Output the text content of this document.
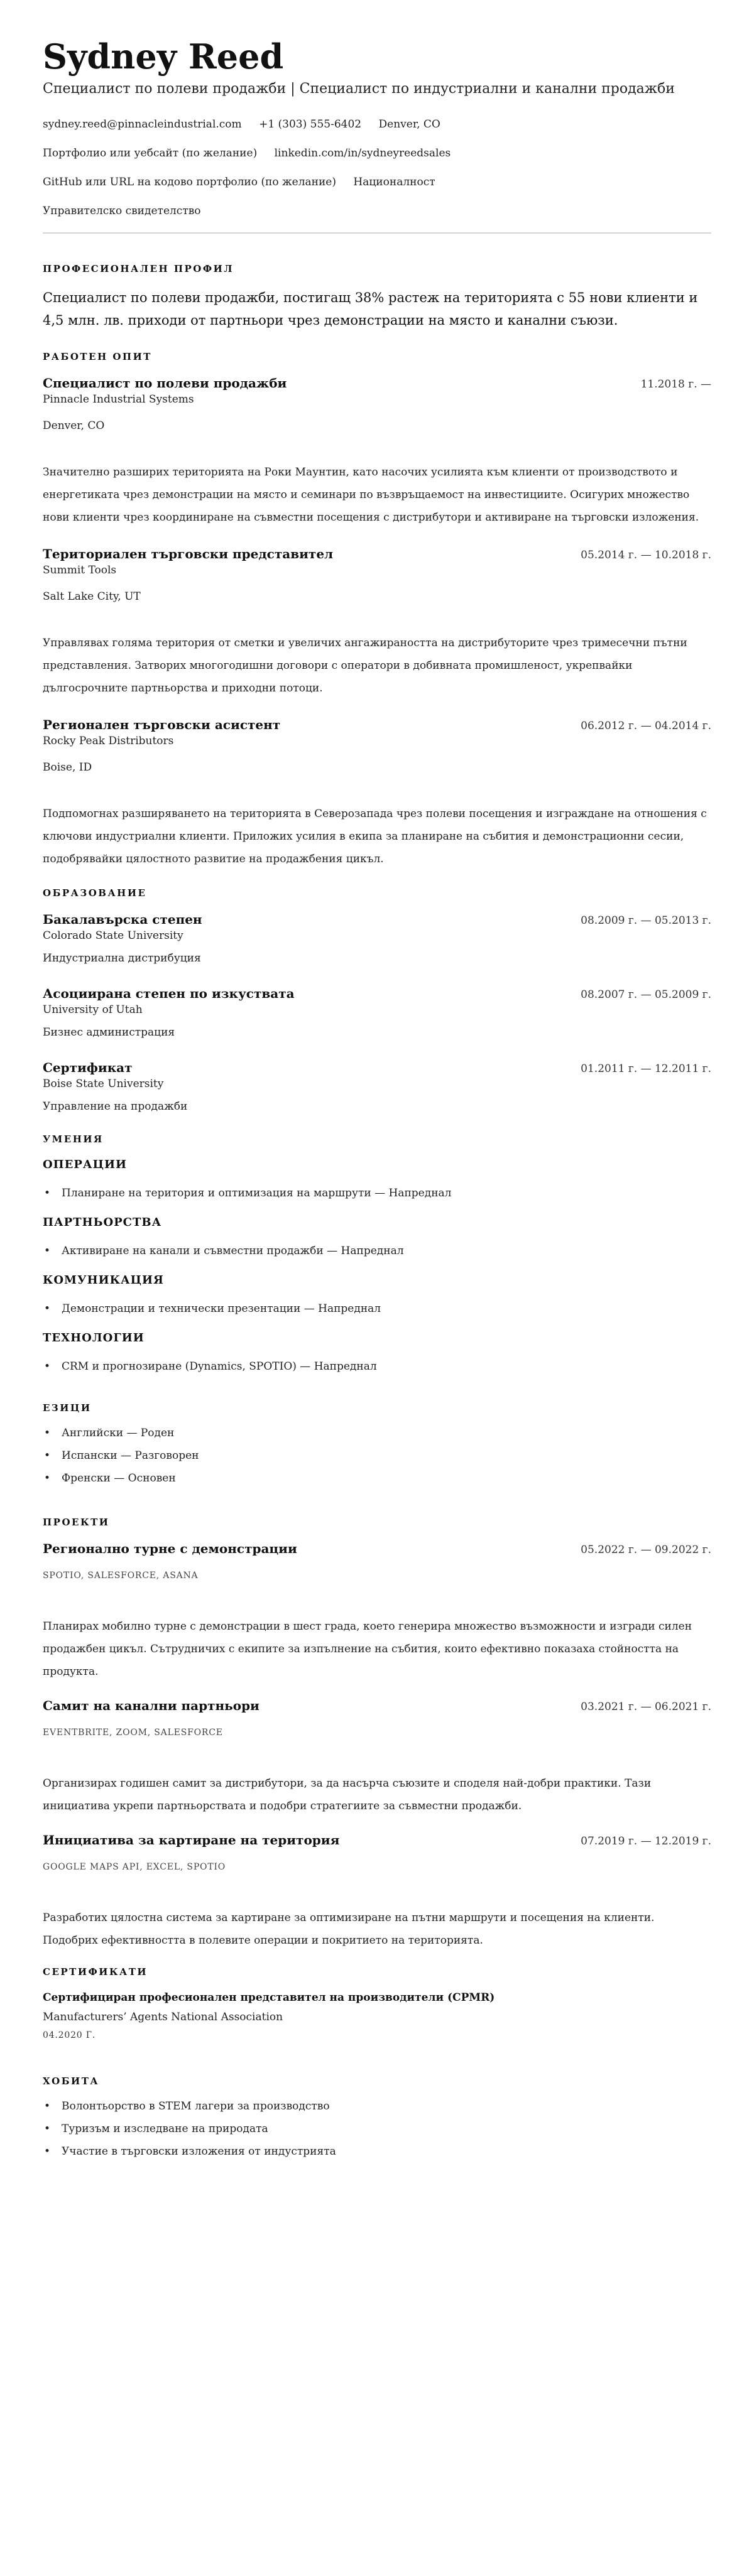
Sydney Reed
Специалист по полеви продажби | Специалист по индустриални и канални продажби
sydney.reed@pinnacleindustrial.com +1 (303) 555-6402 Denver, CO
Портфолио или уебсайт (по желание) linkedin.com/in/sydneyreedsales
GitHub или URL на кодово портфолио (по желание) Националност
Управителско свидетелство
ПРОФЕСИОНАЛЕН ПРОФИЛ

Специалист по полеви продажби, постигащ 38% растеж на територията с 55 нови клиенти и 4,5 млн. лв. приходи от партньори чрез демонстрации на място и канални съюзи.

РАБОТЕН ОПИТ
Специалист по полеви продажби	11.2018 г. —
Pinnacle Industrial Systems
Denver, CO

Значително разширих територията на Роки Маунтин, като насочих усилията към клиенти от производството и енергетиката чрез демонстрации на място и семинари по възвръщаемост на инвестициите. Осигурих множество нови клиенти чрез координиране на съвместни посещения с дистрибутори и активиране на търговски изложения.

Териториален търговски представител	05.2014 г. — 10.2018 г.
Summit Tools
Salt Lake City, UT

Управлявах голяма територия от сметки и увеличих ангажираността на дистрибуторите чрез тримесечни пътни представления. Затворих многогодишни договори с оператори в добивната промишленост, укрепвайки дългосрочните партньорства и приходни потоци.

Регионален търговски асистент	06.2012 г. — 04.2014 г.
Rocky Peak Distributors
Boise, ID

Подпомогнах разширяването на територията в Северозапада чрез полеви посещения и изграждане на отношения с ключови индустриални клиенти. Приложих усилия в екипа за планиране на събития и демонстрационни сесии, подобрявайки цялостното развитие на продажбения цикъл.

ОБРАЗОВАНИЕ
Бакалавърска степен	08.2009 г. — 05.2013 г.
Colorado State University
Индустриална дистрибуция
Асоциирана степен по изкуствата	08.2007 г. — 05.2009 г.
University of Utah
Бизнес администрация
Сертификат	01.2011 г. — 12.2011 г.
Boise State University
Управление на продажби
УМЕНИЯ
ОПЕРАЦИИ
• Планиране на територия и оптимизация на маршрути — Напреднал
ПАРТНЬОРСТВА
• Активиране на канали и съвместни продажби — Напреднал
КОМУНИКАЦИЯ
• Демонстрации и технически презентации — Напреднал
ТЕХНОЛОГИИ
• CRM и прогнозиране (Dynamics, SPOTIO) — Напреднал
ЕЗИЦИ
• Английски — Роден
• Испански — Разговорен
• Френски — Основен
ПРОЕКТИ
Регионално турне с демонстрации	05.2022 г. — 09.2022 г.
SPOTIO, SALESFORCE, ASANA

Планирах мобилно турне с демонстрации в шест града, което генерира множество възможности и изгради силен продажбен цикъл. Сътрудничих с екипите за изпълнение на събития, които ефективно показаха стойността на продукта.

Самит на канални партньори	03.2021 г. — 06.2021 г.
EVENTBRITE, ZOOM, SALESFORCE

Организирах годишен самит за дистрибутори, за да насърча съюзите и споделя най-добри практики. Тази инициатива укрепи партньорствата и подобри стратегиите за съвместни продажби.

Инициатива за картиране на територия	07.2019 г. — 12.2019 г.
GOOGLE MAPS API, EXCEL, SPOTIO

Разработих цялостна система за картиране за оптимизиране на пътни маршрути и посещения на клиенти. Подобрих ефективността в полевите операции и покритието на територията.

СЕРТИФИКАТИ
Сертифициран професионален представител на производители (CPMR)
Manufacturers’ Agents National Association
04.2020 Г.
ХОБИТА
• Волонтьорство в STEM лагери за производство
• Туризъм и изследване на природата
• Участие в търговски изложения от индустрията
